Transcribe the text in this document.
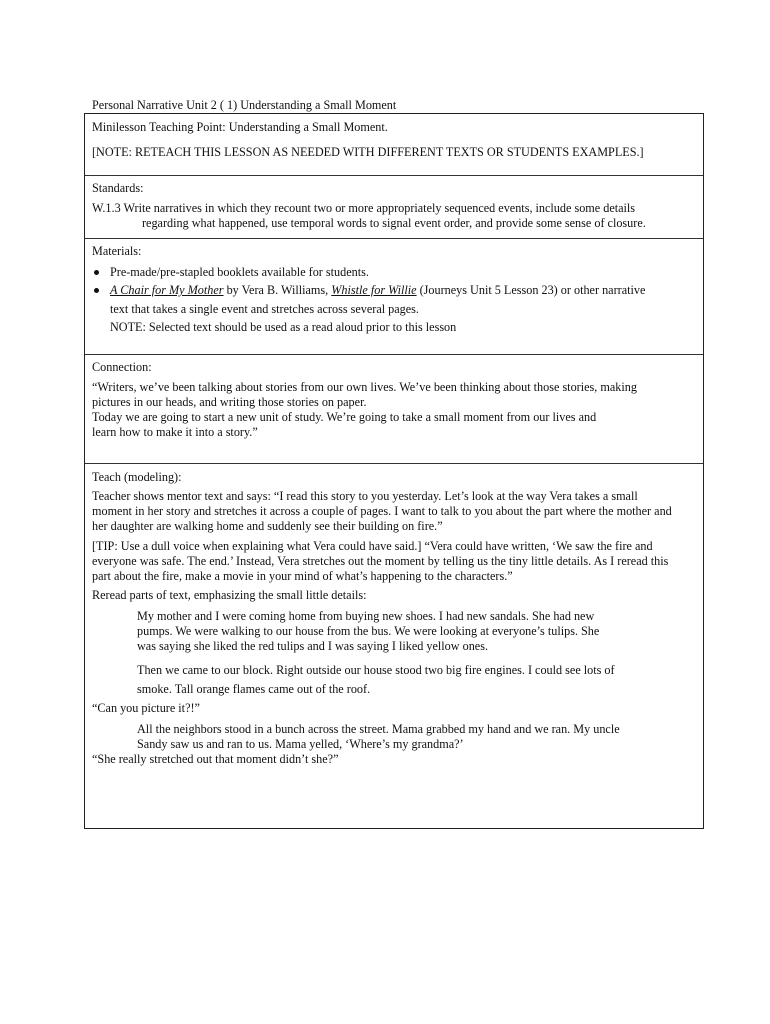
Personal Narrative Unit 2 ( 1) Understanding a Small Moment
Minilesson Teaching Point: Understanding a Small Moment.
[NOTE: RETEACH THIS LESSON AS NEEDED WITH DIFFERENT TEXTS OR STUDENTS EXAMPLES.]
Standards:
W.1.3 Write narratives in which they recount two or more appropriately sequenced events, include some details
regarding what happened, use temporal words to signal event order, and provide some sense of closure.
Materials:
Pre-made/pre-stapled booklets available for students.
A Chair for My Mother by Vera B. Williams, Whistle for Willie (Journeys Unit 5 Lesson 23) or other narrative
text that takes a single event and stretches across several pages.
NOTE: Selected text should be used as a read aloud prior to this lesson
Connection:
“Writers, we’ve been talking about stories from our own lives. We’ve been thinking about those stories, making
pictures in our heads, and writing those stories on paper.
Today we are going to start a new unit of study. We’re going to take a small moment from our lives and
learn how to make it into a story.”
Teach (modeling):
Teacher shows mentor text and says: “I read this story to you yesterday. Let’s look at the way Vera takes a small
moment in her story and stretches it across a couple of pages. I want to talk to you about the part where the mother and
her daughter are walking home and suddenly see their building on fire.”
[TIP: Use a dull voice when explaining what Vera could have said.] “Vera could have written, ‘We saw the fire and
everyone was safe. The end.’ Instead, Vera stretches out the moment by telling us the tiny little details. As I reread this
part about the fire, make a movie in your mind of what’s happening to the characters.”
Reread parts of text, emphasizing the small little details:
My mother and I were coming home from buying new shoes. I had new sandals. She had new
pumps. We were walking to our house from the bus. We were looking at everyone’s tulips. She
was saying she liked the red tulips and I was saying I liked yellow ones.
Then we came to our block. Right outside our house stood two big fire engines. I could see lots of
smoke. Tall orange flames came out of the roof.
“Can you picture it?!”
All the neighbors stood in a bunch across the street. Mama grabbed my hand and we ran. My uncle
Sandy saw us and ran to us. Mama yelled, ‘Where’s my grandma?’
“She really stretched out that moment didn’t she?”
